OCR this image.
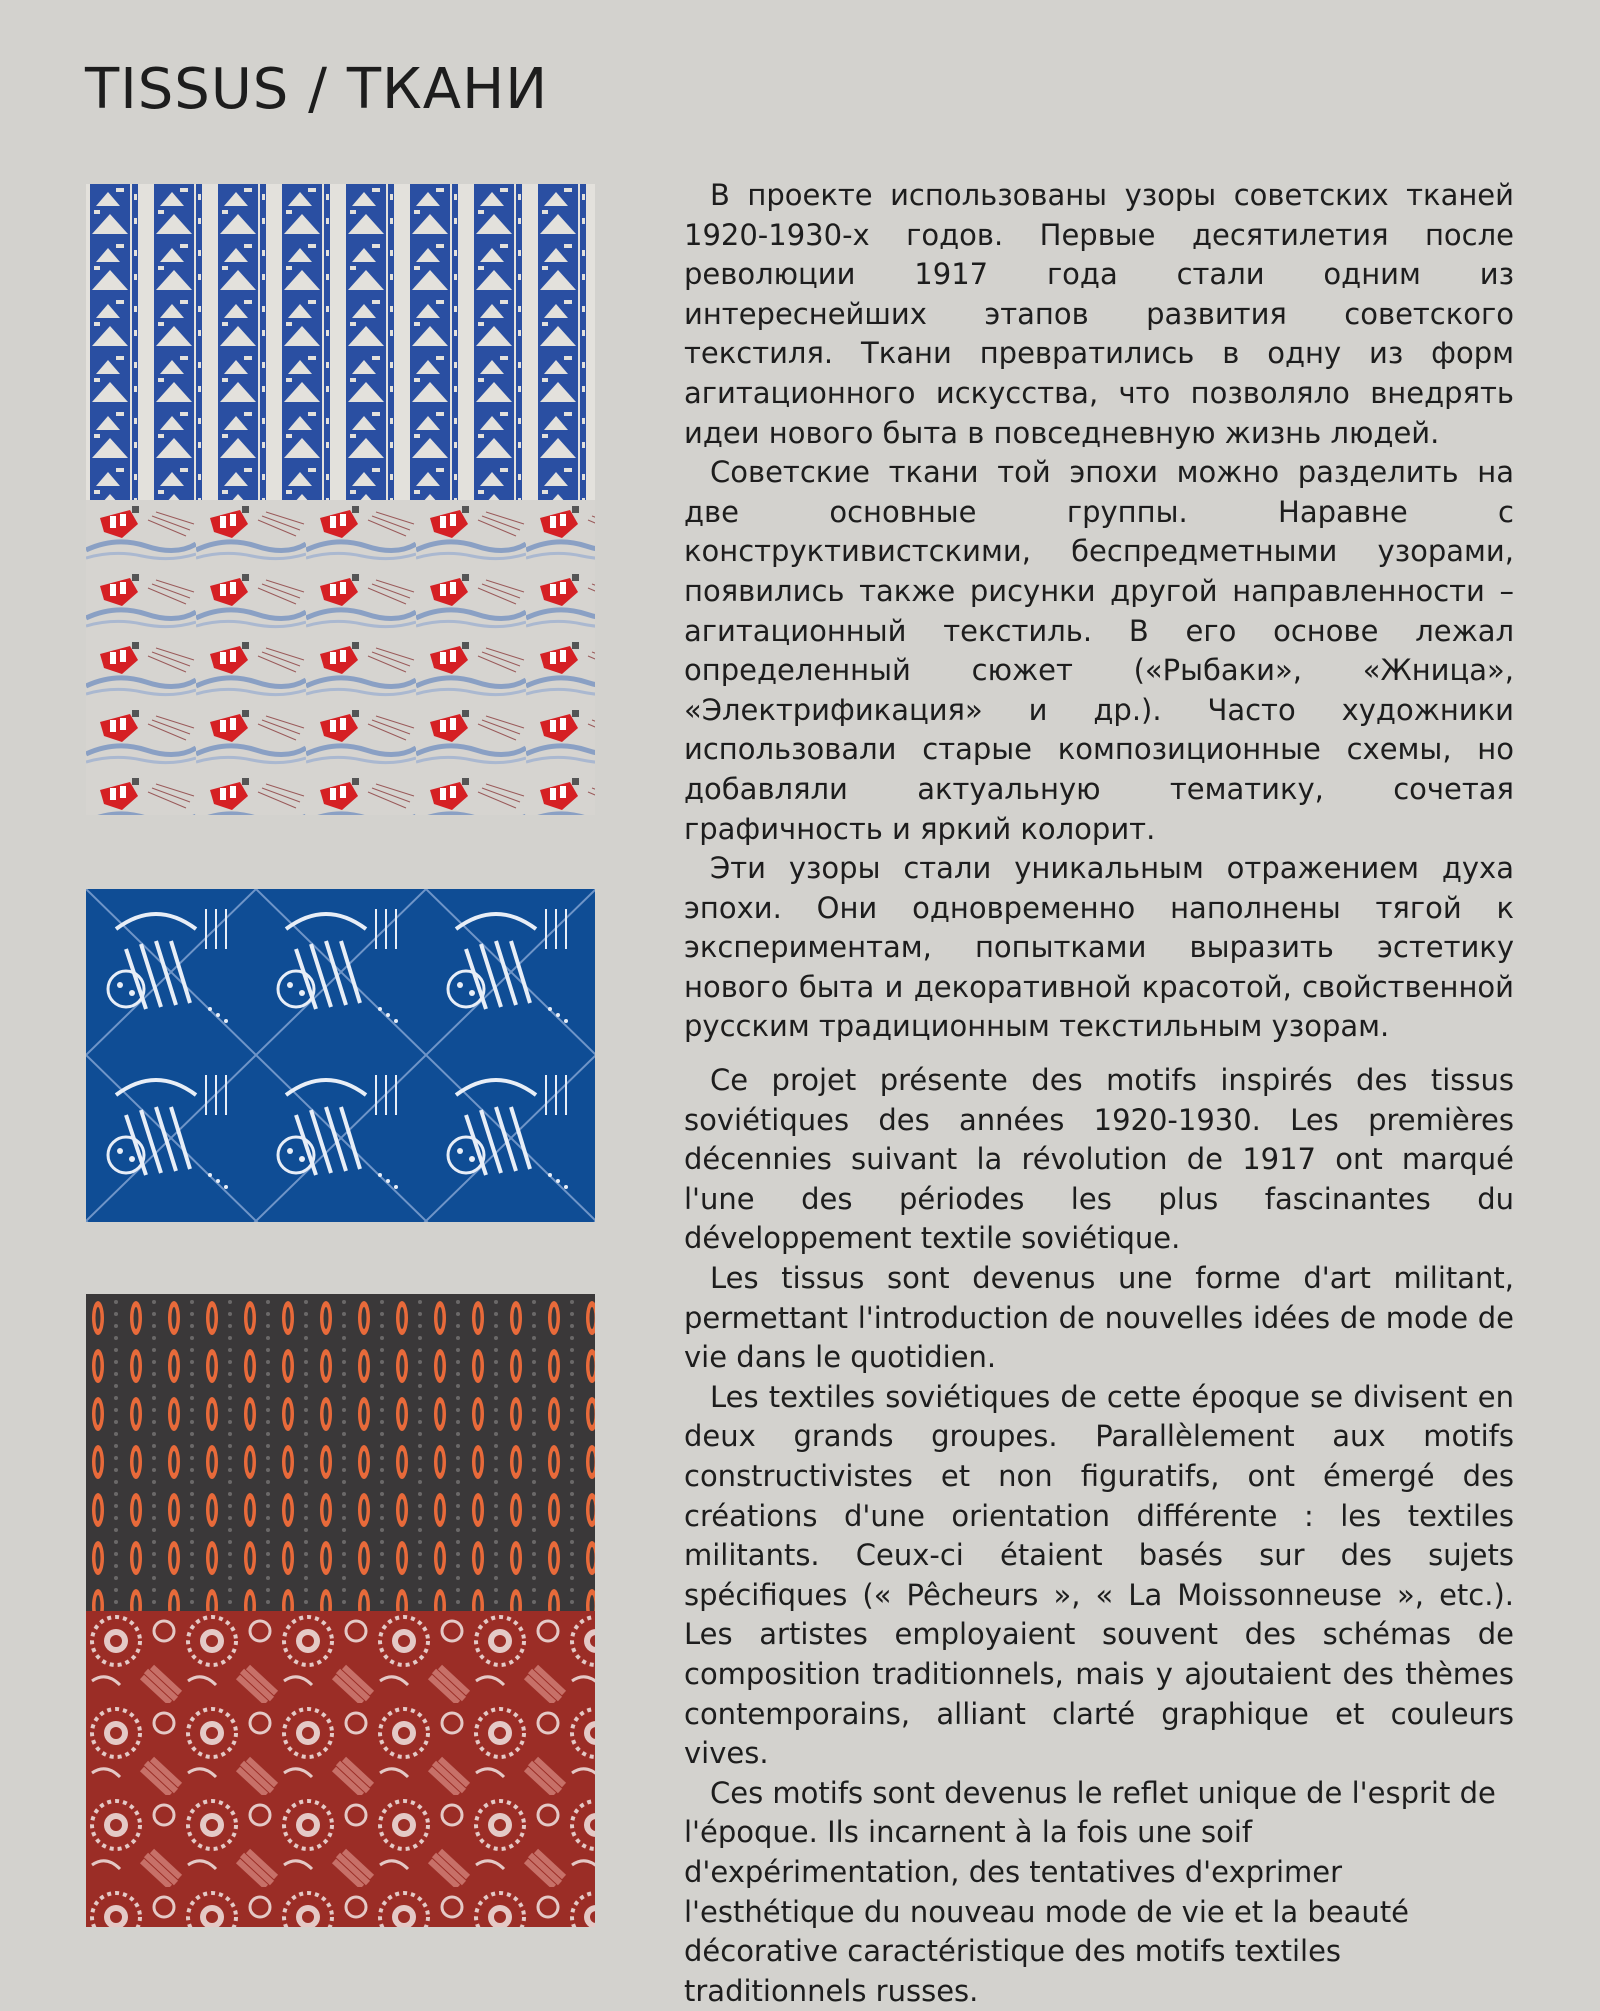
TISSUS / ТКАНИ

В проекте использованы узоры советских тканей 1920-1930-х годов. Первые десятилетия после революции 1917 года стали одним из интереснейших этапов развития советского текстиля. Ткани превратились в одну из форм агитационного искусства, что позволяло внедрять идеи нового быта в повседневную жизнь людей.

Советские ткани той эпохи можно разделить на две основные группы. Наравне с конструктивистскими, беспредметными узорами, появились также рисунки другой направленности – агитационный текстиль. В его основе лежал определенный сюжет («Рыбаки», «Жница», «Электрификация» и др.). Часто художники использовали старые композиционные схемы, но добавляли актуальную тематику, сочетая графичность и яркий колорит.

Эти узоры стали уникальным отражением духа эпохи. Они одновременно наполнены тягой к экспериментам, попытками выразить эстетику нового быта и декоративной красотой, свойственной русским традиционным текстильным узорам.

Ce projet présente des motifs inspirés des tissus soviétiques des années 1920-1930. Les premières décennies suivant la révolution de 1917 ont marqué l'une des périodes les plus fascinantes du développement textile soviétique.

Les tissus sont devenus une forme d'art militant, permettant l'introduction de nouvelles idées de mode de vie dans le quotidien.

Les textiles soviétiques de cette époque se divisent en deux grands groupes. Parallèlement aux motifs constructivistes et non figuratifs, ont émergé des créations d'une orientation différente : les textiles militants. Ceux-ci étaient basés sur des sujets spécifiques (« Pêcheurs », « La Moissonneuse », etc.). Les artistes employaient souvent des schémas de composition traditionnels, mais y ajoutaient des thèmes contemporains, alliant clarté graphique et couleurs vives.

Ces motifs sont devenus le reflet unique de l'esprit de l'époque. Ils incarnent à la fois une soif d'expérimentation, des tentatives d'exprimer l'esthétique du nouveau mode de vie et la beauté décorative caractéristique des motifs textiles traditionnels russes.
